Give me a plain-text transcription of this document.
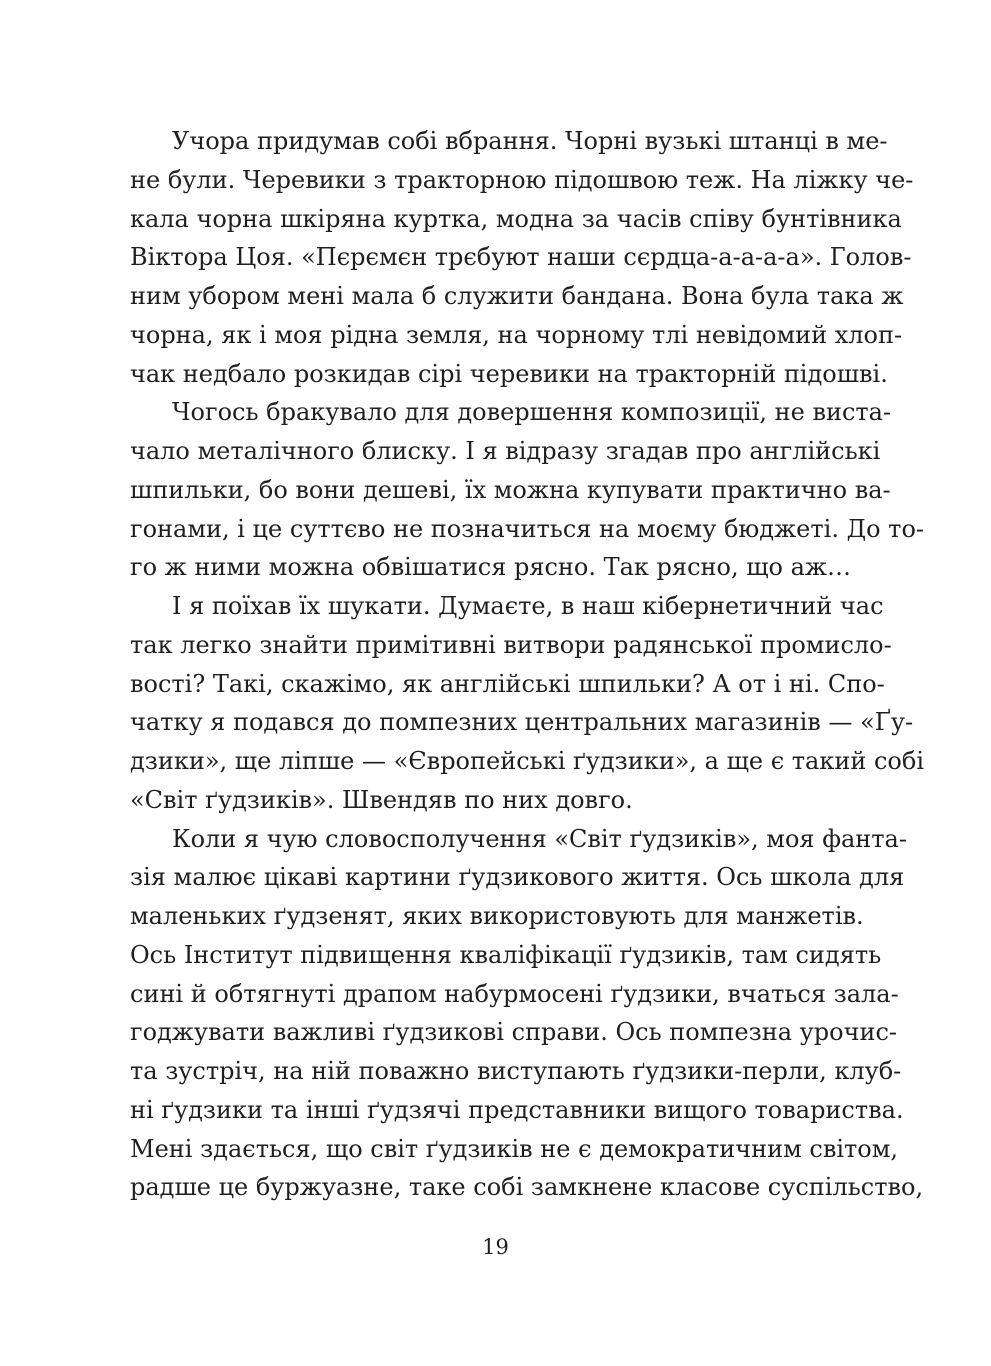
Учора придумав собі вбрання. Чорні вузькі штанці в ме-
не були. Черевики з тракторною підошвою теж. На ліжку че-
кала чорна шкіряна куртка, модна за часів співу бунтівника
Віктора Цоя. «Пєрємєн трєбуют наши сєрдца-а-а-а-а». Голов-
ним убором мені мала б служити бандана. Вона була така ж
чорна, як і моя рідна земля, на чорному тлі невідомий хлоп-
чак недбало розкидав сірі черевики на тракторній підошві.
Чогось бракувало для довершення композиції, не виста-
чало металічного блиску. І я відразу згадав про англійські
шпильки, бо вони дешеві, їх можна купувати практично ва-
гонами, і це суттєво не позначиться на моєму бюджеті. До то-
го ж ними можна обвішатися рясно. Так рясно, що аж…
І я поїхав їх шукати. Думаєте, в наш кібернетичний час
так легко знайти примітивні витвори радянської промисло-
вості? Такі, скажімо, як англійські шпильки? А от і ні. Спо-
чатку я подався до помпезних центральних магазинів — «Ґу-
дзики», ще ліпше — «Європейські ґудзики», а ще є такий собі
«Світ ґудзиків». Швендяв по них довго.
Коли я чую словосполучення «Світ ґудзиків», моя фанта-
зія малює цікаві картини ґудзикового життя. Ось школа для
маленьких ґудзенят, яких використовують для манжетів.
Ось Інститут підвищення кваліфікації ґудзиків, там сидять
сині й обтягнуті драпом набурмосені ґудзики, вчаться зала-
годжувати важливі ґудзикові справи. Ось помпезна урочис-
та зустріч, на ній поважно виступають ґудзики-перли, клуб-
ні ґудзики та інші ґудзячі представники вищого товариства.
Мені здається, що світ ґудзиків не є демократичним світом,
радше це буржуазне, таке собі замкнене класове суспільство,
19
